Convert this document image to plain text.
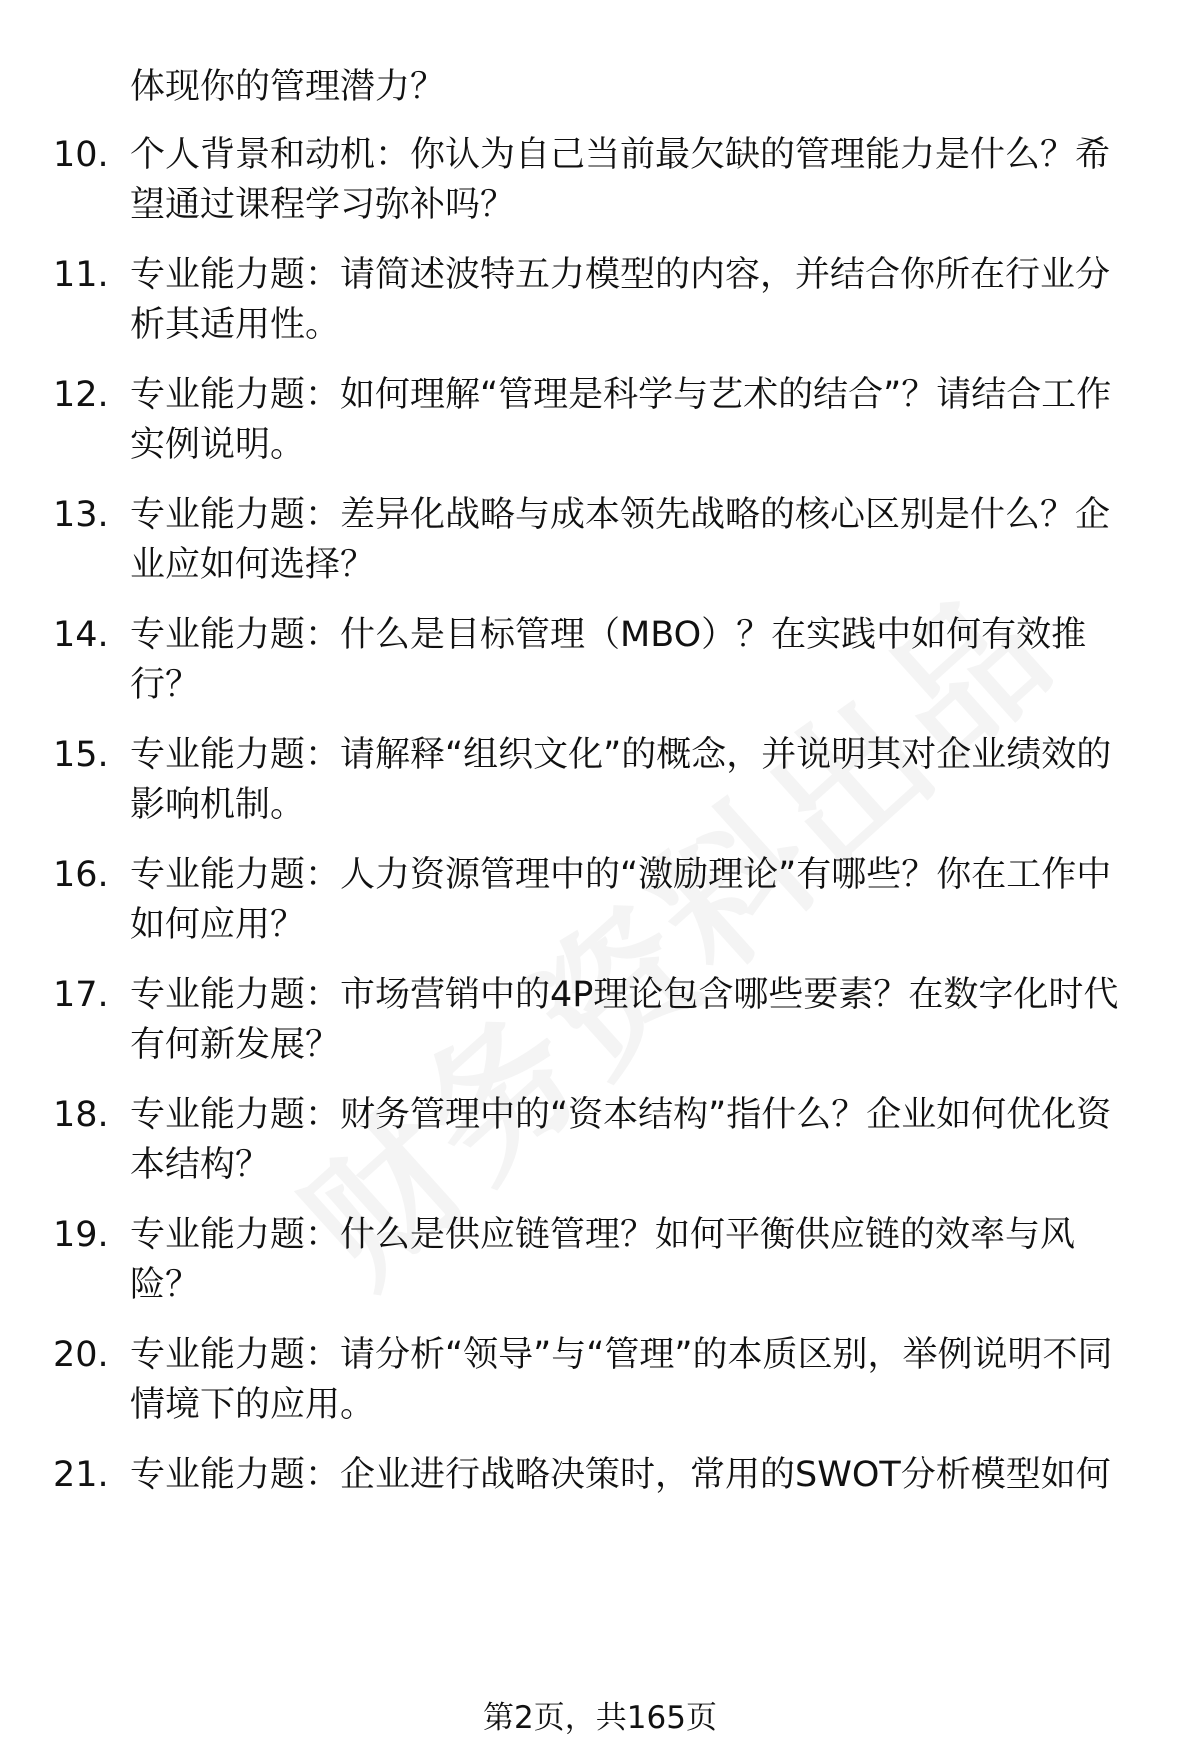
体现你的管理潜力？
10. 个人背景和动机：你认为自己当前最欠缺的管理能力是什么？希望通过课程学习弥补吗？
11. 专业能力题：请简述波特五力模型的内容，并结合你所在行业分析其适用性。
12. 专业能力题：如何理解“管理是科学与艺术的结合”？请结合工作实例说明。
13. 专业能力题：差异化战略与成本领先战略的核心区别是什么？企业应如何选择？
14. 专业能力题：什么是目标管理（MBO）？在实践中如何有效推行？
15. 专业能力题：请解释“组织文化”的概念，并说明其对企业绩效的影响机制。
16. 专业能力题：人力资源管理中的“激励理论”有哪些？你在工作中如何应用？
17. 专业能力题：市场营销中的4P理论包含哪些要素？在数字化时代有何新发展？
18. 专业能力题：财务管理中的“资本结构”指什么？企业如何优化资本结构？
19. 专业能力题：什么是供应链管理？如何平衡供应链的效率与风险？
20. 专业能力题：请分析“领导”与“管理”的本质区别，举例说明不同情境下的应用。
21. 专业能力题：企业进行战略决策时，常用的SWOT分析模型如何
第2页，共165页
